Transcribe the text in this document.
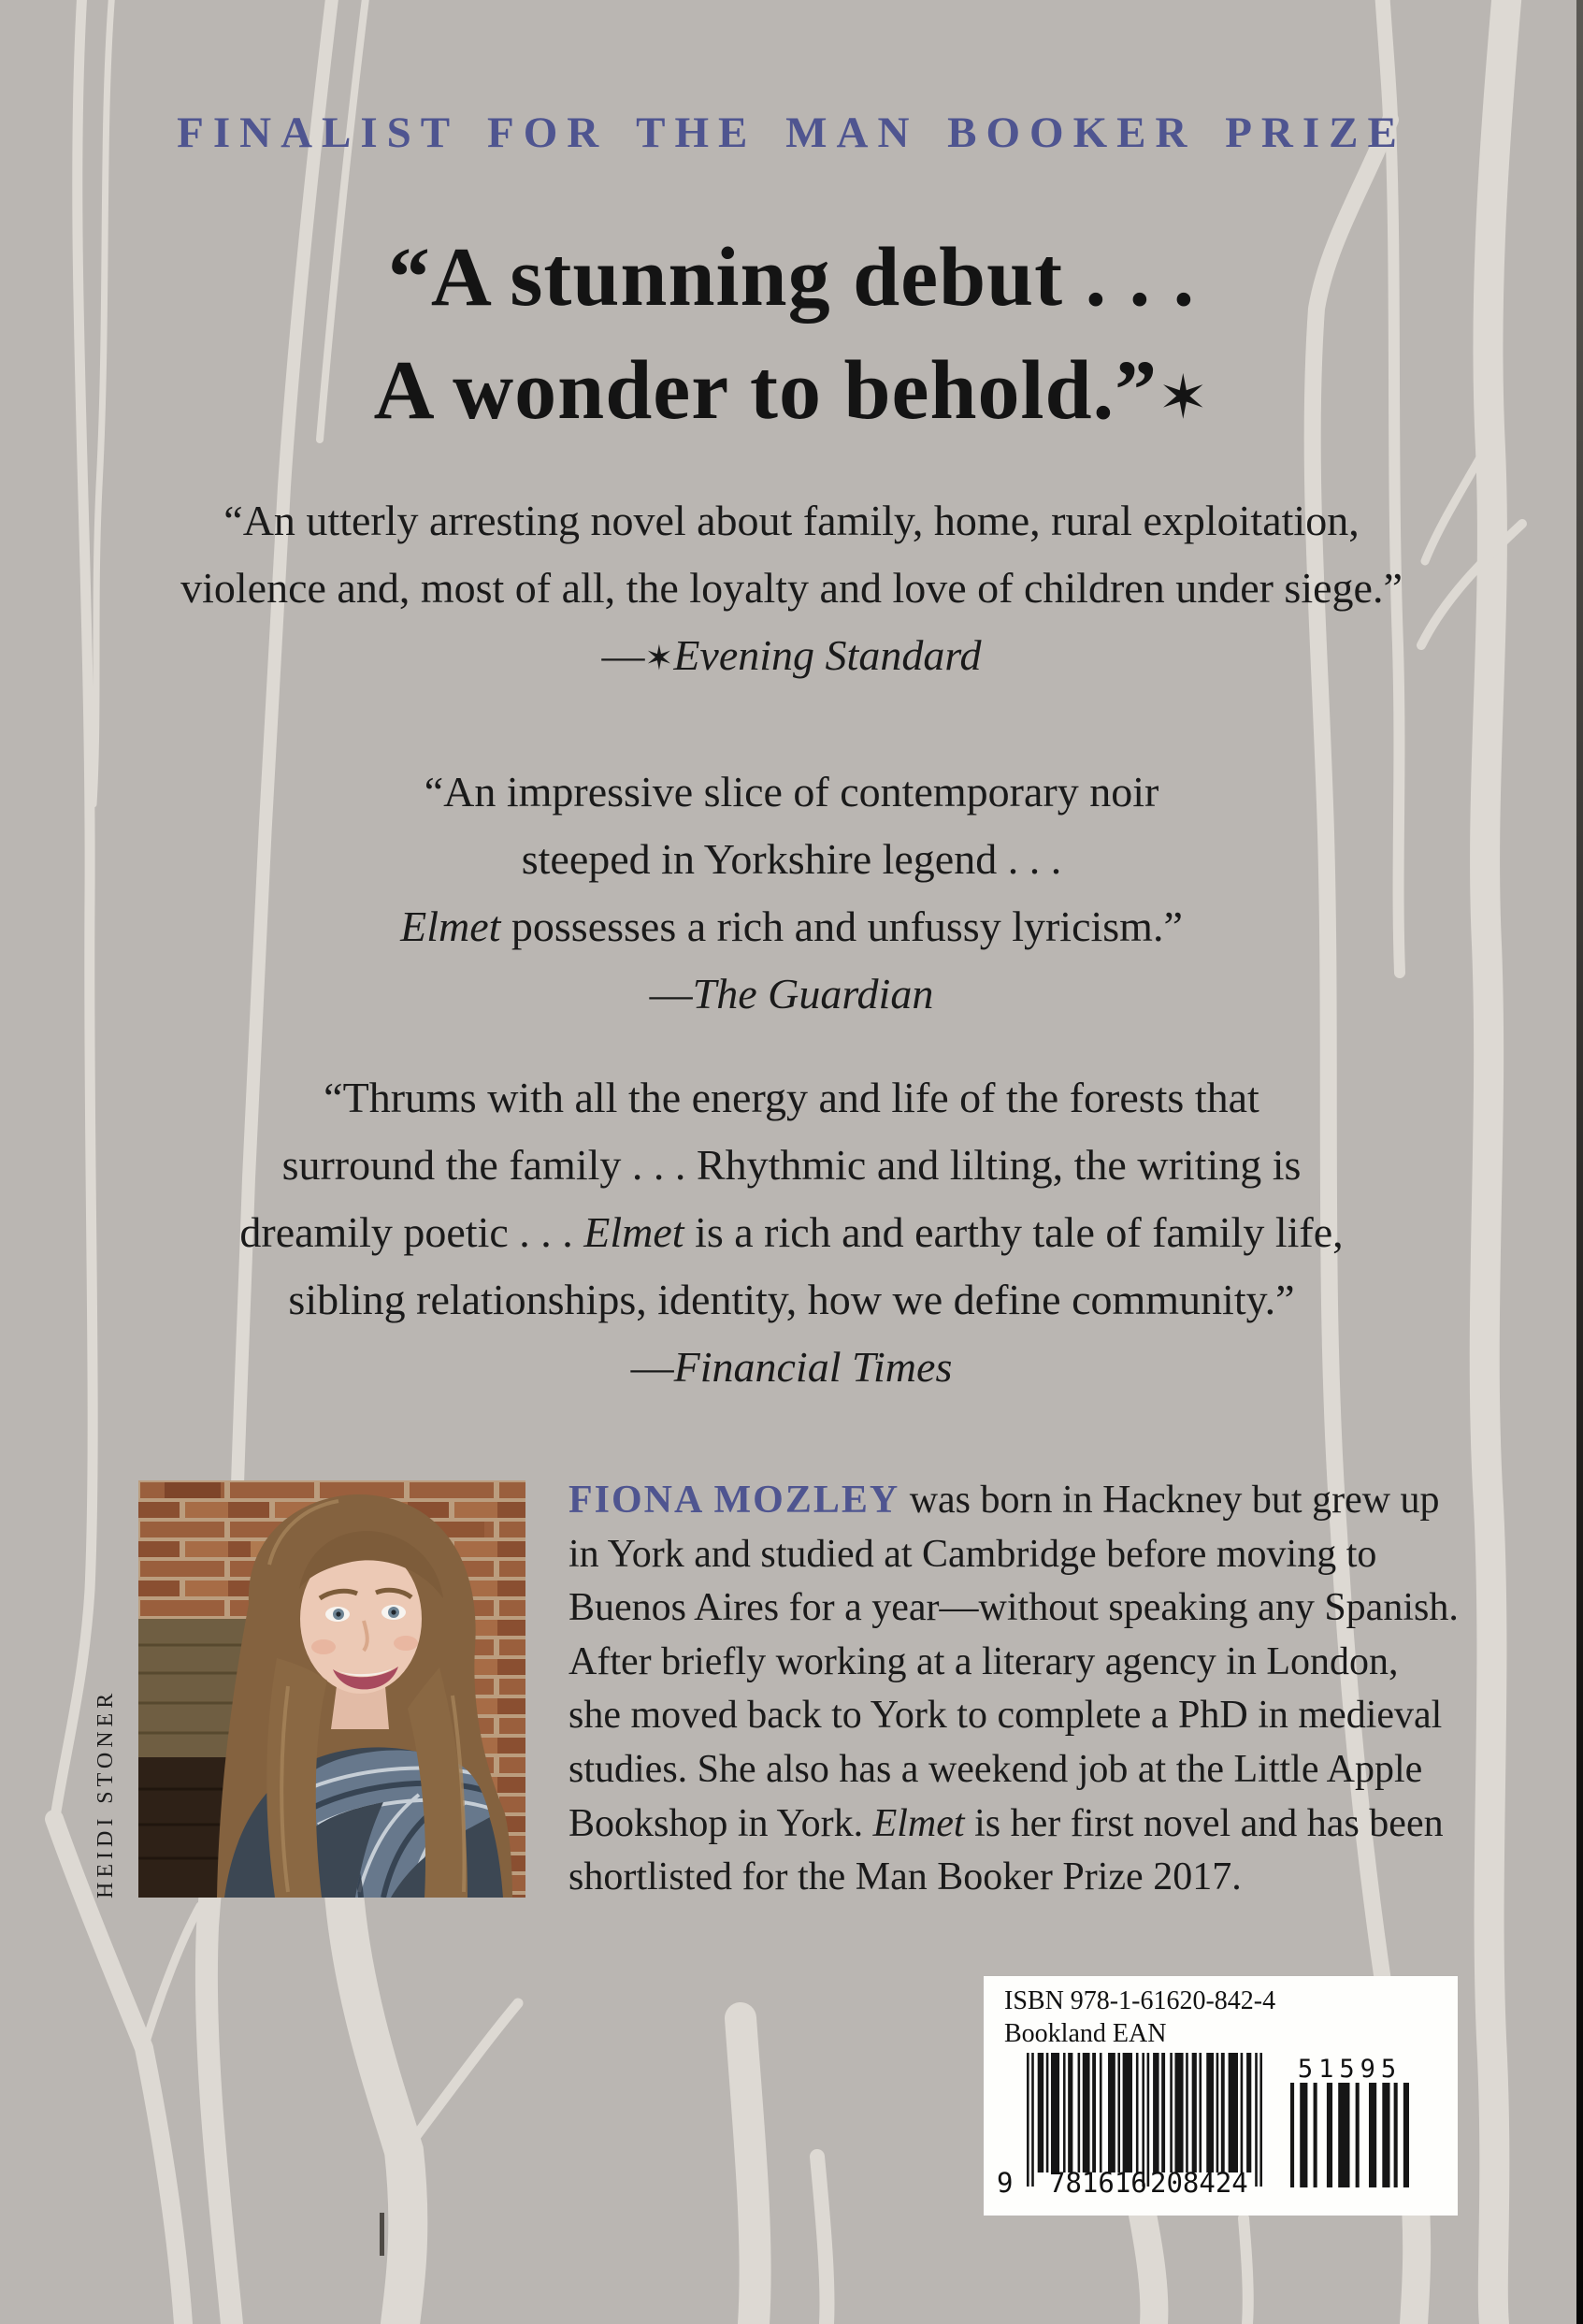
FINALIST FOR THE MAN BOOKER PRIZE
“A stunning debut . . .
A wonder to behold.”✶
“An utterly arresting novel about family, home, rural exploitation,
violence and, most of all, the loyalty and love of children under siege.”
—✶Evening Standard
“An impressive slice of contemporary noir
steeped in Yorkshire legend . . .
Elmet possesses a rich and unfussy lyricism.”
—The Guardian
“Thrums with all the energy and life of the forests that
surround the family . . . Rhythmic and lilting, the writing is
dreamily poetic . . . Elmet is a rich and earthy tale of family life,
sibling relationships, identity, how we define community.”
—Financial Times
HEIDI STONER
FIONA MOZLEY was born in Hackney but grew up
in York and studied at Cambridge before moving to
Buenos Aires for a year—without speaking any Spanish.
After briefly working at a literary agency in London,
she moved back to York to complete a PhD in medieval
studies. She also has a weekend job at the Little Apple
Bookshop in York. Elmet is her first novel and has been
shortlisted for the Man Booker Prize 2017.
ISBN 978-1-61620-842-4
Bookland EAN
9 781616 208424
51595
